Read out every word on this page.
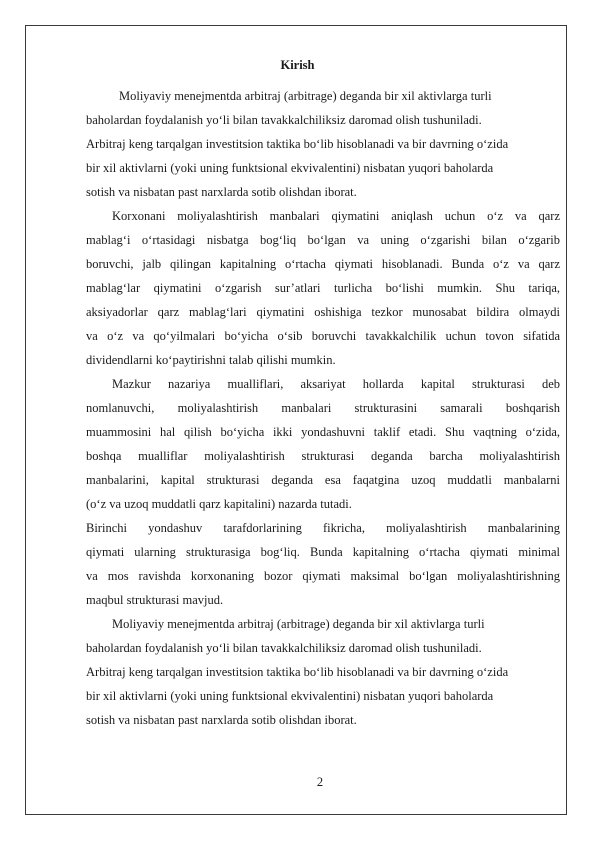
Kirish
Moliyaviy menejmentda arbitraj (arbitrage) deganda bir xil aktivlarga turli
baholardan foydalanish yo‘li bilan tavakkalchiliksiz daromad olish tushuniladi.
Arbitraj keng tarqalgan investitsion taktika bo‘lib hisoblanadi va bir davrning o‘zida
bir xil aktivlarni (yoki uning funktsional ekvivalentini) nisbatan yuqori baholarda
sotish va nisbatan past narxlarda sotib olishdan iborat.
Korxonani moliyalashtirish manbalari qiymatini aniqlash uchun o‘z va qarz
mablag‘i o‘rtasidagi nisbatga bog‘liq bo‘lgan va uning o‘zgarishi bilan o‘zgarib
boruvchi, jalb qilingan kapitalning o‘rtacha qiymati hisoblanadi. Bunda o‘z va qarz
mablag‘lar qiymatini o‘zgarish sur’atlari turlicha bo‘lishi mumkin. Shu tariqa,
aksiyadorlar qarz mablag‘lari qiymatini oshishiga tezkor munosabat bildira olmaydi
va o‘z va qo‘yilmalari bo‘yicha o‘sib boruvchi tavakkalchilik uchun tovon sifatida
dividendlarni ko‘paytirishni talab qilishi mumkin.
Mazkur nazariya mualliflari, aksariyat hollarda kapital strukturasi deb
nomlanuvchi, moliyalashtirish manbalari strukturasini samarali boshqarish
muammosini hal qilish bo‘yicha ikki yondashuvni taklif etadi. Shu vaqtning o‘zida,
boshqa mualliflar moliyalashtirish strukturasi deganda barcha moliyalashtirish
manbalarini, kapital strukturasi deganda esa faqatgina uzoq muddatli manbalarni
(o‘z va uzoq muddatli qarz kapitalini) nazarda tutadi.
Birinchi yondashuv tarafdorlarining fikricha, moliyalashtirish manbalarining
qiymati ularning strukturasiga bog‘liq. Bunda kapitalning o‘rtacha qiymati minimal
va mos ravishda korxonaning bozor qiymati maksimal bo‘lgan moliyalashtirishning
maqbul strukturasi mavjud.
Moliyaviy menejmentda arbitraj (arbitrage) deganda bir xil aktivlarga turli
baholardan foydalanish yo‘li bilan tavakkalchiliksiz daromad olish tushuniladi.
Arbitraj keng tarqalgan investitsion taktika bo‘lib hisoblanadi va bir davrning o‘zida
bir xil aktivlarni (yoki uning funktsional ekvivalentini) nisbatan yuqori baholarda
sotish va nisbatan past narxlarda sotib olishdan iborat.
2
